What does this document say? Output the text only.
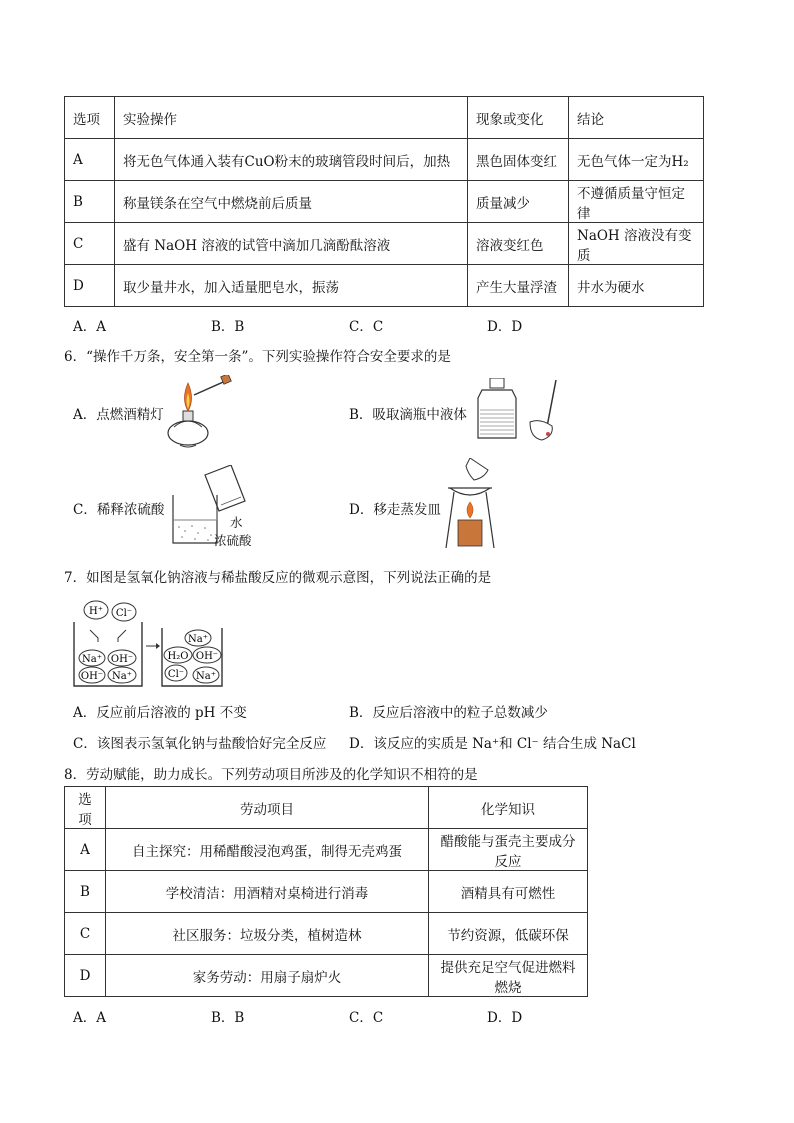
选项	实验操作	现象或变化	结论
A	将无色气体通入装有CuO粉末的玻璃管段时间后，加热	黑色固体变红	无色气体一定为H₂
B	称量镁条在空气中燃烧前后质量	质量减少	不遵循质量守恒定律
C	盛有 NaOH 溶液的试管中滴加几滴酚酞溶液	溶液变红色	NaOH 溶液没有变质
D	取少量井水，加入适量肥皂水，振荡	产生大量浮渣	井水为硬水
A．A	B．B	C．C	D．D
6．“操作千万条，安全第一条”。下列实验操作符合安全要求的是
A．点燃酒精灯	B．吸取滴瓶中液体
C．稀释浓硫酸	D．移走蒸发皿
水
浓硫酸
7．如图是氢氧化钠溶液与稀盐酸反应的微观示意图，下列说法正确的是
H⁺ Cl⁻
Na⁺ OH⁻
OH⁻ Na⁺
Na⁺
H₂O OH⁻
Cl⁻ Na⁺
A．反应前后溶液的 pH 不变	B．反应后溶液中的粒子总数减少
C．该图表示氢氧化钠与盐酸恰好完全反应 D．该反应的实质是 Na⁺和 Cl⁻ 结合生成 NaCl
8．劳动赋能，助力成长。下列劳动项目所涉及的化学知识不相符的是
选项	劳动项目	化学知识
A	自主探究：用稀醋酸浸泡鸡蛋，制得无壳鸡蛋	醋酸能与蛋壳主要成分反应
B	学校清洁：用酒精对桌椅进行消毒	酒精具有可燃性
C	社区服务：垃圾分类，植树造林	节约资源，低碳环保
D	家务劳动：用扇子扇炉火	提供充足空气促进燃料燃烧
A．A	B．B	C．C	D．D
